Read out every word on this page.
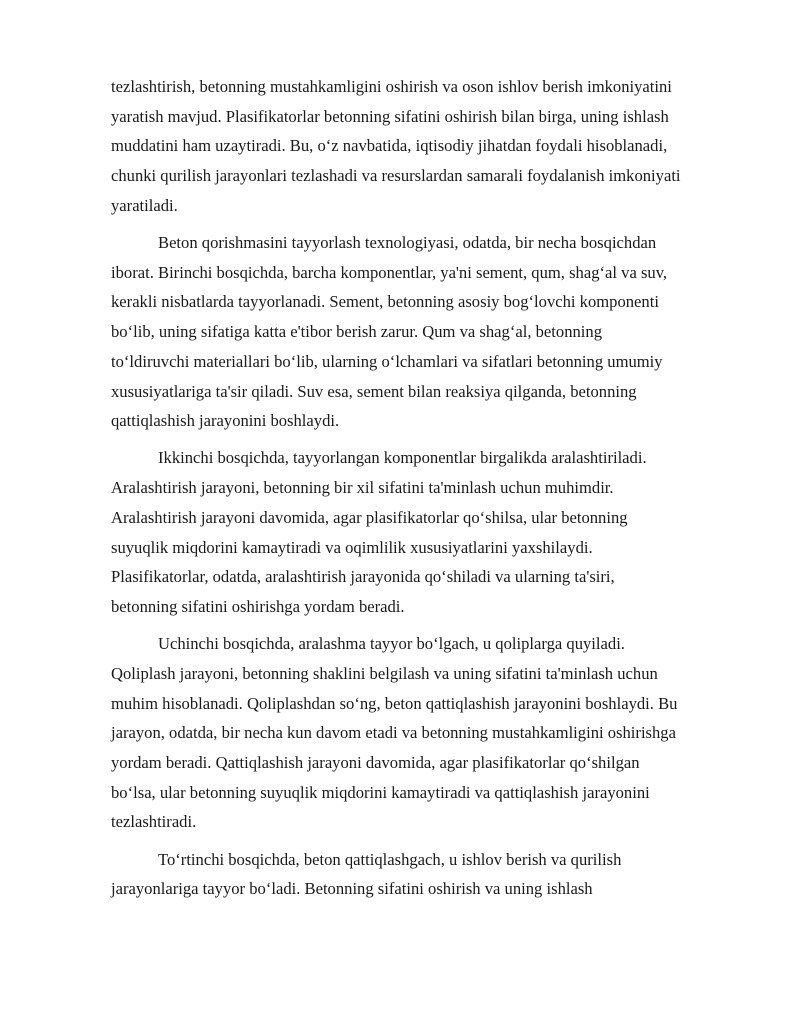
tezlashtirish, betonning mustahkamligini oshirish va oson ishlov berish imkoniyatini
yaratish mavjud. Plasifikatorlar betonning sifatini oshirish bilan birga, uning ishlash
muddatini ham uzaytiradi. Bu, oʻz navbatida, iqtisodiy jihatdan foydali hisoblanadi,
chunki qurilish jarayonlari tezlashadi va resurslardan samarali foydalanish imkoniyati
yaratiladi.

Beton qorishmasini tayyorlash texnologiyasi, odatda, bir necha bosqichdan
iborat. Birinchi bosqichda, barcha komponentlar, ya'ni sement, qum, shagʻal va suv,
kerakli nisbatlarda tayyorlanadi. Sement, betonning asosiy bogʻlovchi komponenti
boʻlib, uning sifatiga katta e'tibor berish zarur. Qum va shagʻal, betonning
toʻldiruvchi materiallari boʻlib, ularning oʻlchamlari va sifatlari betonning umumiy
xususiyatlariga ta'sir qiladi. Suv esa, sement bilan reaksiya qilganda, betonning
qattiqlashish jarayonini boshlaydi.

Ikkinchi bosqichda, tayyorlangan komponentlar birgalikda aralashtiriladi.
Aralashtirish jarayoni, betonning bir xil sifatini ta'minlash uchun muhimdir.
Aralashtirish jarayoni davomida, agar plasifikatorlar qoʻshilsa, ular betonning
suyuqlik miqdorini kamaytiradi va oqimlilik xususiyatlarini yaxshilaydi.
Plasifikatorlar, odatda, aralashtirish jarayonida qoʻshiladi va ularning ta'siri,
betonning sifatini oshirishga yordam beradi.

Uchinchi bosqichda, aralashma tayyor boʻlgach, u qoliplarga quyiladi.
Qoliplash jarayoni, betonning shaklini belgilash va uning sifatini ta'minlash uchun
muhim hisoblanadi. Qoliplashdan soʻng, beton qattiqlashish jarayonini boshlaydi. Bu
jarayon, odatda, bir necha kun davom etadi va betonning mustahkamligini oshirishga
yordam beradi. Qattiqlashish jarayoni davomida, agar plasifikatorlar qoʻshilgan
boʻlsa, ular betonning suyuqlik miqdorini kamaytiradi va qattiqlashish jarayonini
tezlashtiradi.

Toʻrtinchi bosqichda, beton qattiqlashgach, u ishlov berish va qurilish
jarayonlariga tayyor boʻladi. Betonning sifatini oshirish va uning ishlash
